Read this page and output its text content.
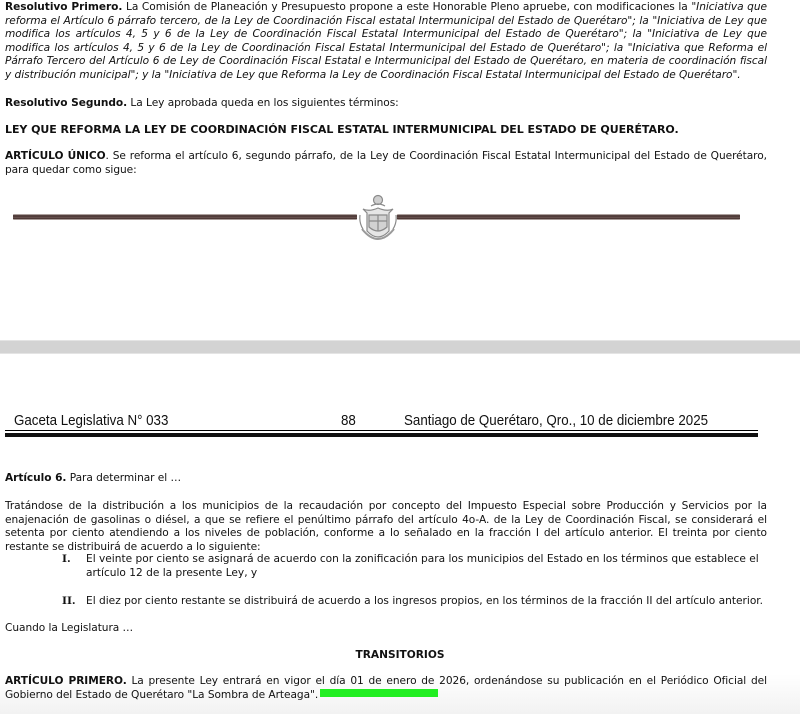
Resolutivo Primero. La Comisión de Planeación y Presupuesto propone a este Honorable Pleno apruebe, con modificaciones la "Iniciativa que reforma el Artículo 6 párrafo tercero, de la Ley de Coordinación Fiscal estatal Intermunicipal del Estado de Querétaro"; la "Iniciativa de Ley que modifica los artículos 4, 5 y 6 de la Ley de Coordinación Fiscal Estatal Intermunicipal del Estado de Querétaro"; la "Iniciativa de Ley que modifica los artículos 4, 5 y 6 de la Ley de Coordinación Fiscal Estatal Intermunicipal del Estado de Querétaro"; la "Iniciativa que Reforma el Párrafo Tercero del Artículo 6 de Ley de Coordinación Fiscal Estatal e Intermunicipal del Estado de Querétaro, en materia de coordinación fiscal y distribución municipal"; y la "Iniciativa de Ley que Reforma la Ley de Coordinación Fiscal Estatal Intermunicipal del Estado de Querétaro".
Resolutivo Segundo. La Ley aprobada queda en los siguientes términos:
LEY QUE REFORMA LA LEY DE COORDINACIÓN FISCAL ESTATAL INTERMUNICIPAL DEL ESTADO DE QUERÉTARO.
ARTÍCULO ÚNICO. Se reforma el artículo 6, segundo párrafo, de la Ley de Coordinación Fiscal Estatal Intermunicipal del Estado de Querétaro, para quedar como sigue:
Gaceta Legislativa N° 033	88	Santiago de Querétaro, Qro., 10 de diciembre 2025
Artículo 6. Para determinar el …
Tratándose de la distribución a los municipios de la recaudación por concepto del Impuesto Especial sobre Producción y Servicios por la enajenación de gasolinas o diésel, a que se refiere el penúltimo párrafo del artículo 4o-A. de la Ley de Coordinación Fiscal, se considerará el setenta por ciento atendiendo a los niveles de población, conforme a lo señalado en la fracción I del artículo anterior. El treinta por ciento restante se distribuirá de acuerdo a lo siguiente:
I. El veinte por ciento se asignará de acuerdo con la zonificación para los municipios del Estado en los términos que establece el artículo 12 de la presente Ley, y
II. El diez por ciento restante se distribuirá de acuerdo a los ingresos propios, en los términos de la fracción II del artículo anterior.
Cuando la Legislatura …
TRANSITORIOS
ARTÍCULO PRIMERO. La presente Ley entrará en vigor el día 01 de enero de 2026, ordenándose su publicación en el Periódico Oficial del Gobierno del Estado de Querétaro "La Sombra de Arteaga".
